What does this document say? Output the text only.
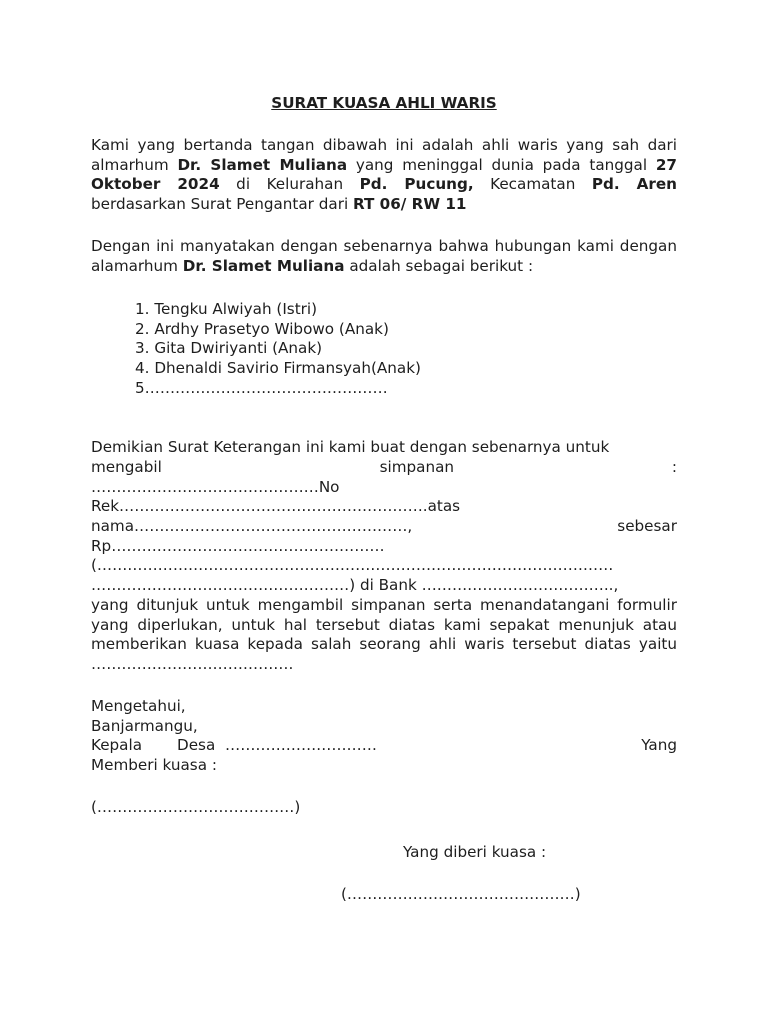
SURAT KUASA AHLI WARIS
Kami yang bertanda tangan dibawah ini adalah ahli waris yang sah dari almarhum Dr. Slamet Muliana yang meninggal dunia pada tanggal 27 Oktober 2024 di Kelurahan Pd. Pucung, Kecamatan Pd. Aren berdasarkan Surat Pengantar dari RT 06/ RW 11
Dengan ini manyatakan dengan sebenarnya bahwa hubungan kami dengan alamarhum Dr. Slamet Muliana adalah sebagai berikut :
1. Tengku Alwiyah (Istri)
2. Ardhy Prasetyo Wibowo (Anak)
3. Gita Dwiriyanti (Anak)
4. Dhenaldi Savirio Firmansyah(Anak)
5…………………………………………
Demikian Surat Keterangan ini kami buat dengan sebenarnya untuk
mengabil	simpanan	:
………………………………………No
Rek…………………………………………………….atas
nama………………………………………………,	sebesar
Rp………………………………………………
(…………………………………………………………………………………………
……………………………………………) di Bank ………………………………..,
yang ditunjuk untuk mengambil simpanan serta menandatangani formulir yang diperlukan, untuk hal tersebut diatas kami sepakat menunjuk atau memberikan kuasa kepada salah seorang ahli waris tersebut diatas yaitu ………………………………….
Mengetahui,
Banjarmangu,
Kepala Desa …………………………	Yang
Memberi kuasa :
(…………………………………)
Yang diberi kuasa :
(………………………………………)
